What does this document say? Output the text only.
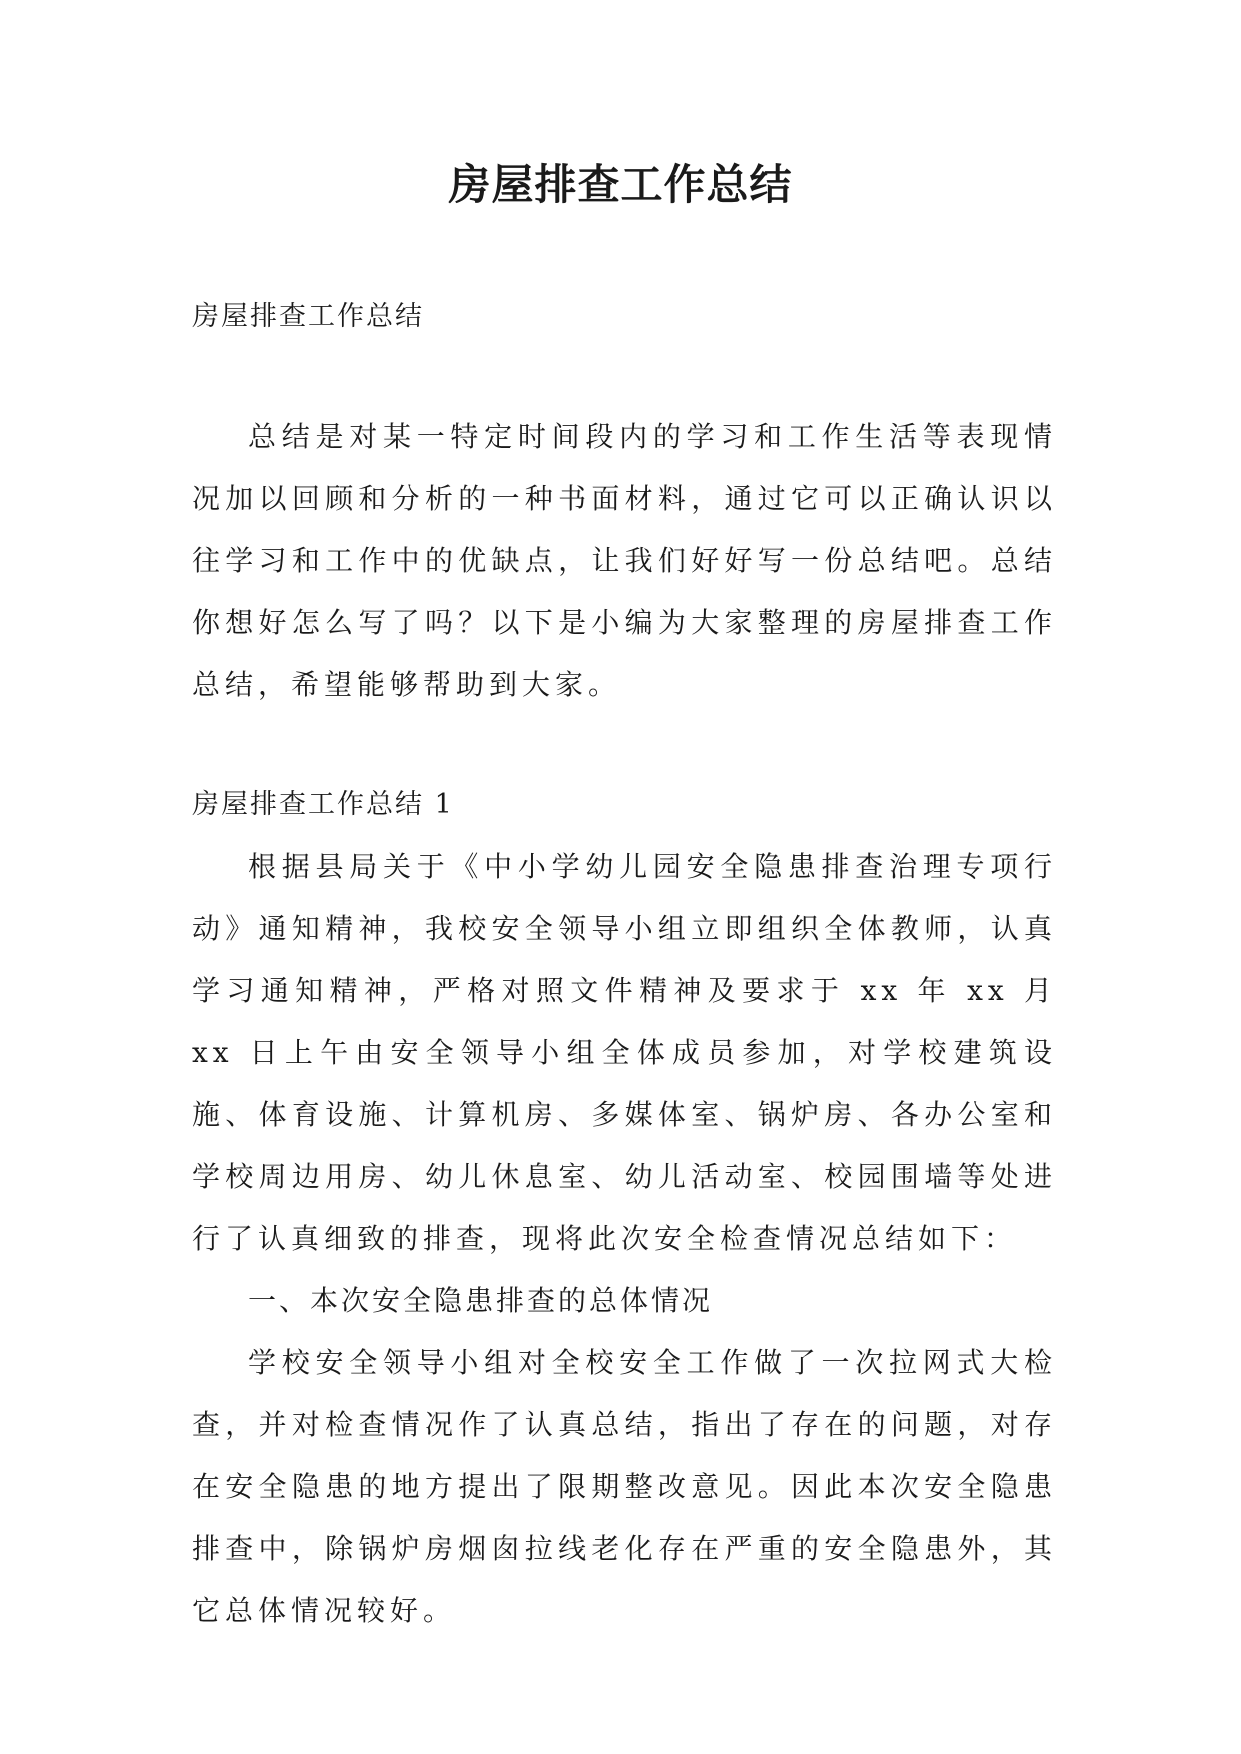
房屋排查工作总结

房屋排查工作总结

总结是对某一特定时间段内的学习和工作生活等表现情况加以回顾和分析的一种书面材料，通过它可以正确认识以往学习和工作中的优缺点，让我们好好写一份总结吧。总结你想好怎么写了吗？以下是小编为大家整理的房屋排查工作总结，希望能够帮助到大家。

房屋排查工作总结 1

根据县局关于《中小学幼儿园安全隐患排查治理专项行动》通知精神，我校安全领导小组立即组织全体教师，认真学习通知精神，严格对照文件精神及要求于 xx 年 xx 月 xx 日上午由安全领导小组全体成员参加，对学校建筑设施、体育设施、计算机房、多媒体室、锅炉房、各办公室和学校周边用房、幼儿休息室、幼儿活动室、校园围墙等处进行了认真细致的排查，现将此次安全检查情况总结如下：

一、本次安全隐患排查的总体情况

学校安全领导小组对全校安全工作做了一次拉网式大检查，并对检查情况作了认真总结，指出了存在的问题，对存在安全隐患的地方提出了限期整改意见。因此本次安全隐患排查中，除锅炉房烟囱拉线老化存在严重的安全隐患外，其它总体情况较好。
